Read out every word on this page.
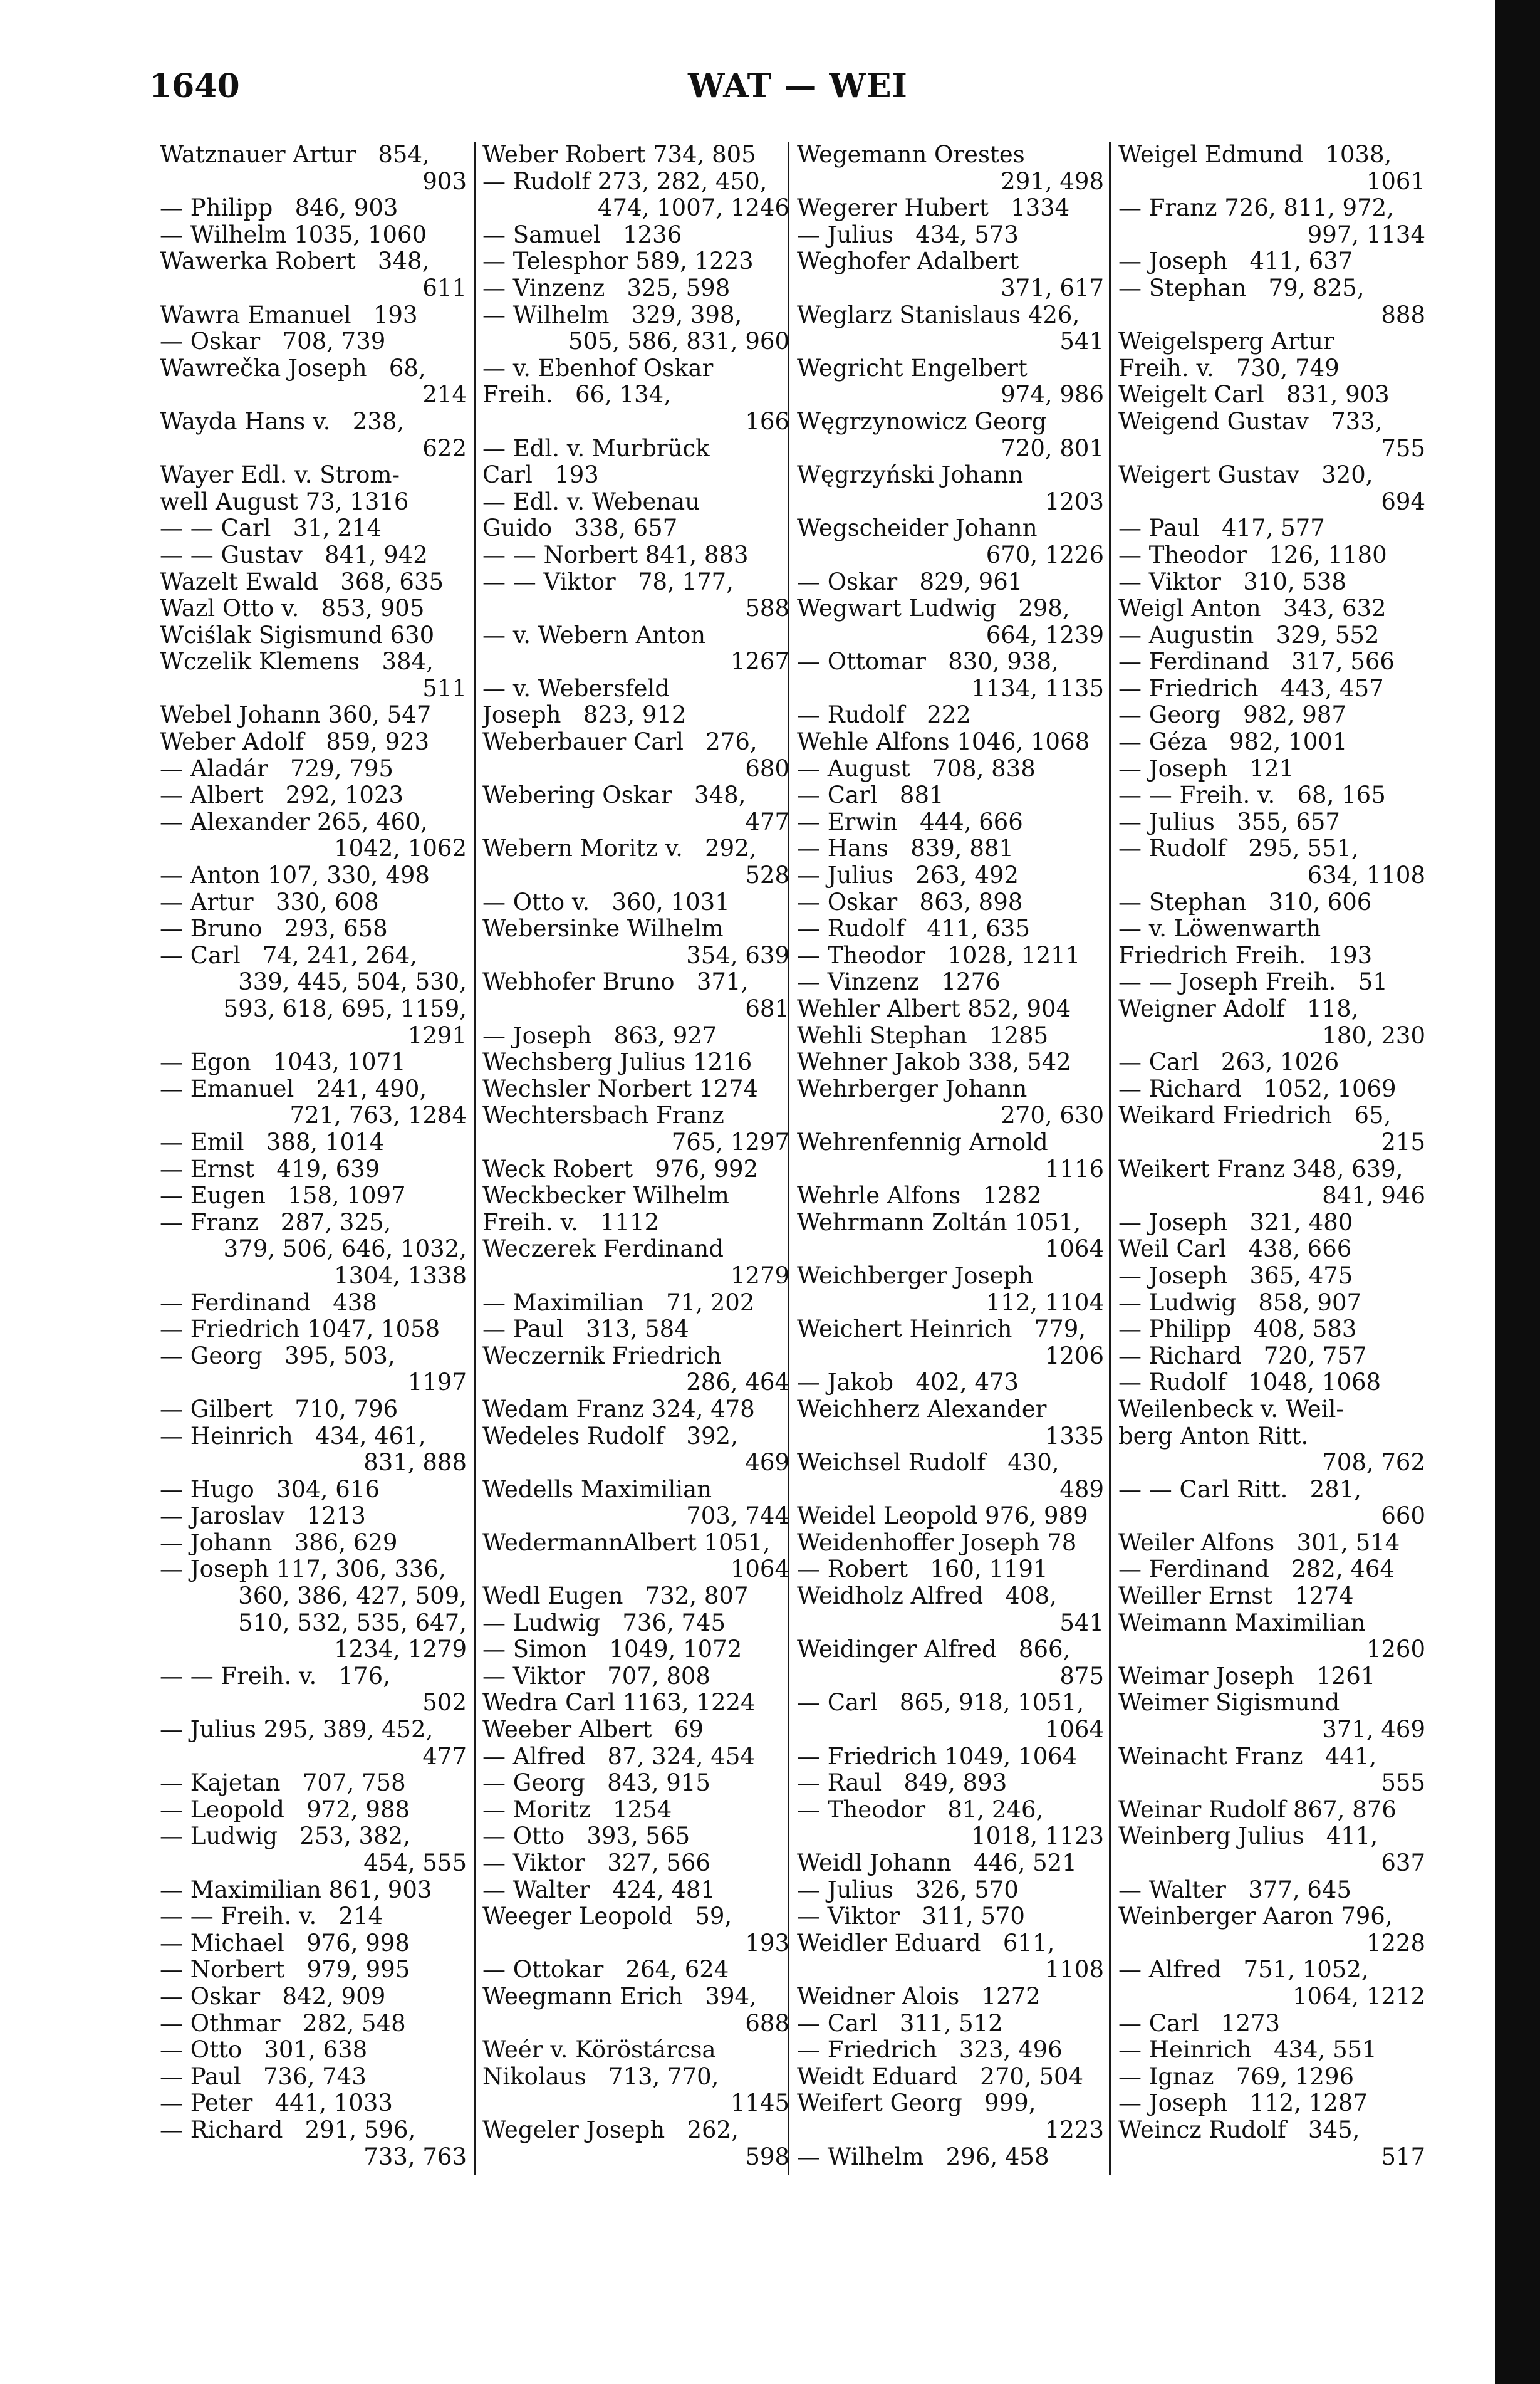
1640	WAT — WEI
Watznauer Artur   854,
903
— Philipp   846, 903
— Wilhelm 1035, 1060
Wawerka Robert   348,
611
Wawra Emanuel   193
— Oskar   708, 739
Wawrečka Joseph   68,
214
Wayda Hans v.   238,
622
Wayer Edl. v. Strom-
well August 73, 1316
— — Carl   31, 214
— — Gustav   841, 942
Wazelt Ewald   368, 635
Wazl Otto v.   853, 905
Wciślak Sigismund 630
Wczelik Klemens   384,
511
Webel Johann 360, 547
Weber Adolf   859, 923
— Aladár   729, 795
— Albert   292, 1023
— Alexander 265, 460,
1042, 1062
— Anton 107, 330, 498
— Artur   330, 608
— Bruno   293, 658
— Carl   74, 241, 264,
339, 445, 504, 530,
593, 618, 695, 1159,
1291
— Egon   1043, 1071
— Emanuel   241, 490,
721, 763, 1284
— Emil   388, 1014
— Ernst   419, 639
— Eugen   158, 1097
— Franz   287, 325,
379, 506, 646, 1032,
1304, 1338
— Ferdinand   438
— Friedrich 1047, 1058
— Georg   395, 503,
1197
— Gilbert   710, 796
— Heinrich   434, 461,
831, 888
— Hugo   304, 616
— Jaroslav   1213
— Johann   386, 629
— Joseph 117, 306, 336,
360, 386, 427, 509,
510, 532, 535, 647,
1234, 1279
— — Freih. v.   176,
502
— Julius 295, 389, 452,
477
— Kajetan   707, 758
— Leopold   972, 988
— Ludwig   253, 382,
454, 555
— Maximilian 861, 903
— — Freih. v.   214
— Michael   976, 998
— Norbert   979, 995
— Oskar   842, 909
— Othmar   282, 548
— Otto   301, 638
— Paul   736, 743
— Peter   441, 1033
— Richard   291, 596,
733, 763
Weber Robert 734, 805
— Rudolf 273, 282, 450,
474, 1007, 1246
— Samuel   1236
— Telesphor 589, 1223
— Vinzenz   325, 598
— Wilhelm   329, 398,
505, 586, 831, 960
— v. Ebenhof Oskar
Freih.   66, 134,
166
— Edl. v. Murbrück
Carl   193
— Edl. v. Webenau
Guido   338, 657
— — Norbert 841, 883
— — Viktor   78, 177,
588
— v. Webern Anton
1267
— v. Webersfeld
Joseph   823, 912
Weberbauer Carl   276,
680
Webering Oskar   348,
477
Webern Moritz v.   292,
528
— Otto v.   360, 1031
Webersinke Wilhelm
354, 639
Webhofer Bruno   371,
681
— Joseph   863, 927
Wechsberg Julius 1216
Wechsler Norbert 1274
Wechtersbach Franz
765, 1297
Weck Robert   976, 992
Weckbecker Wilhelm
Freih. v.   1112
Weczerek Ferdinand
1279
— Maximilian   71, 202
— Paul   313, 584
Weczernik Friedrich
286, 464
Wedam Franz 324, 478
Wedeles Rudolf   392,
469
Wedells Maximilian
703, 744
WedermannAlbert 1051,
1064
Wedl Eugen   732, 807
— Ludwig   736, 745
— Simon   1049, 1072
— Viktor   707, 808
Wedra Carl 1163, 1224
Weeber Albert   69
— Alfred   87, 324, 454
— Georg   843, 915
— Moritz   1254
— Otto   393, 565
— Viktor   327, 566
— Walter   424, 481
Weeger Leopold   59,
193
— Ottokar   264, 624
Weegmann Erich   394,
688
Weér v. Köröstárcsa
Nikolaus   713, 770,
1145
Wegeler Joseph   262,
598
Wegemann Orestes
291, 498
Wegerer Hubert   1334
— Julius   434, 573
Weghofer Adalbert
371, 617
Weglarz Stanislaus 426,
541
Wegricht Engelbert
974, 986
Węgrzynowicz Georg
720, 801
Węgrzyński Johann
1203
Wegscheider Johann
670, 1226
— Oskar   829, 961
Wegwart Ludwig   298,
664, 1239
— Ottomar   830, 938,
1134, 1135
— Rudolf   222
Wehle Alfons 1046, 1068
— August   708, 838
— Carl   881
— Erwin   444, 666
— Hans   839, 881
— Julius   263, 492
— Oskar   863, 898
— Rudolf   411, 635
— Theodor   1028, 1211
— Vinzenz   1276
Wehler Albert 852, 904
Wehli Stephan   1285
Wehner Jakob 338, 542
Wehrberger Johann
270, 630
Wehrenfennig Arnold
1116
Wehrle Alfons   1282
Wehrmann Zoltán 1051,
1064
Weichberger Joseph
112, 1104
Weichert Heinrich   779,
1206
— Jakob   402, 473
Weichherz Alexander
1335
Weichsel Rudolf   430,
489
Weidel Leopold 976, 989
Weidenhoffer Joseph 78
— Robert   160, 1191
Weidholz Alfred   408,
541
Weidinger Alfred   866,
875
— Carl   865, 918, 1051,
1064
— Friedrich 1049, 1064
— Raul   849, 893
— Theodor   81, 246,
1018, 1123
Weidl Johann   446, 521
— Julius   326, 570
— Viktor   311, 570
Weidler Eduard   611,
1108
Weidner Alois   1272
— Carl   311, 512
— Friedrich   323, 496
Weidt Eduard   270, 504
Weifert Georg   999,
1223
— Wilhelm   296, 458
Weigel Edmund   1038,
1061
— Franz 726, 811, 972,
997, 1134
— Joseph   411, 637
— Stephan   79, 825,
888
Weigelsperg Artur
Freih. v.   730, 749
Weigelt Carl   831, 903
Weigend Gustav   733,
755
Weigert Gustav   320,
694
— Paul   417, 577
— Theodor   126, 1180
— Viktor   310, 538
Weigl Anton   343, 632
— Augustin   329, 552
— Ferdinand   317, 566
— Friedrich   443, 457
— Georg   982, 987
— Géza   982, 1001
— Joseph   121
— — Freih. v.   68, 165
— Julius   355, 657
— Rudolf   295, 551,
634, 1108
— Stephan   310, 606
— v. Löwenwarth
Friedrich Freih.   193
— — Joseph Freih.   51
Weigner Adolf   118,
180, 230
— Carl   263, 1026
— Richard   1052, 1069
Weikard Friedrich   65,
215
Weikert Franz 348, 639,
841, 946
— Joseph   321, 480
Weil Carl   438, 666
— Joseph   365, 475
— Ludwig   858, 907
— Philipp   408, 583
— Richard   720, 757
— Rudolf   1048, 1068
Weilenbeck v. Weil-
berg Anton Ritt.
708, 762
— — Carl Ritt.   281,
660
Weiler Alfons   301, 514
— Ferdinand   282, 464
Weiller Ernst   1274
Weimann Maximilian
1260
Weimar Joseph   1261
Weimer Sigismund
371, 469
Weinacht Franz   441,
555
Weinar Rudolf 867, 876
Weinberg Julius   411,
637
— Walter   377, 645
Weinberger Aaron 796,
1228
— Alfred   751, 1052,
1064, 1212
— Carl   1273
— Heinrich   434, 551
— Ignaz   769, 1296
— Joseph   112, 1287
Weincz Rudolf   345,
517
